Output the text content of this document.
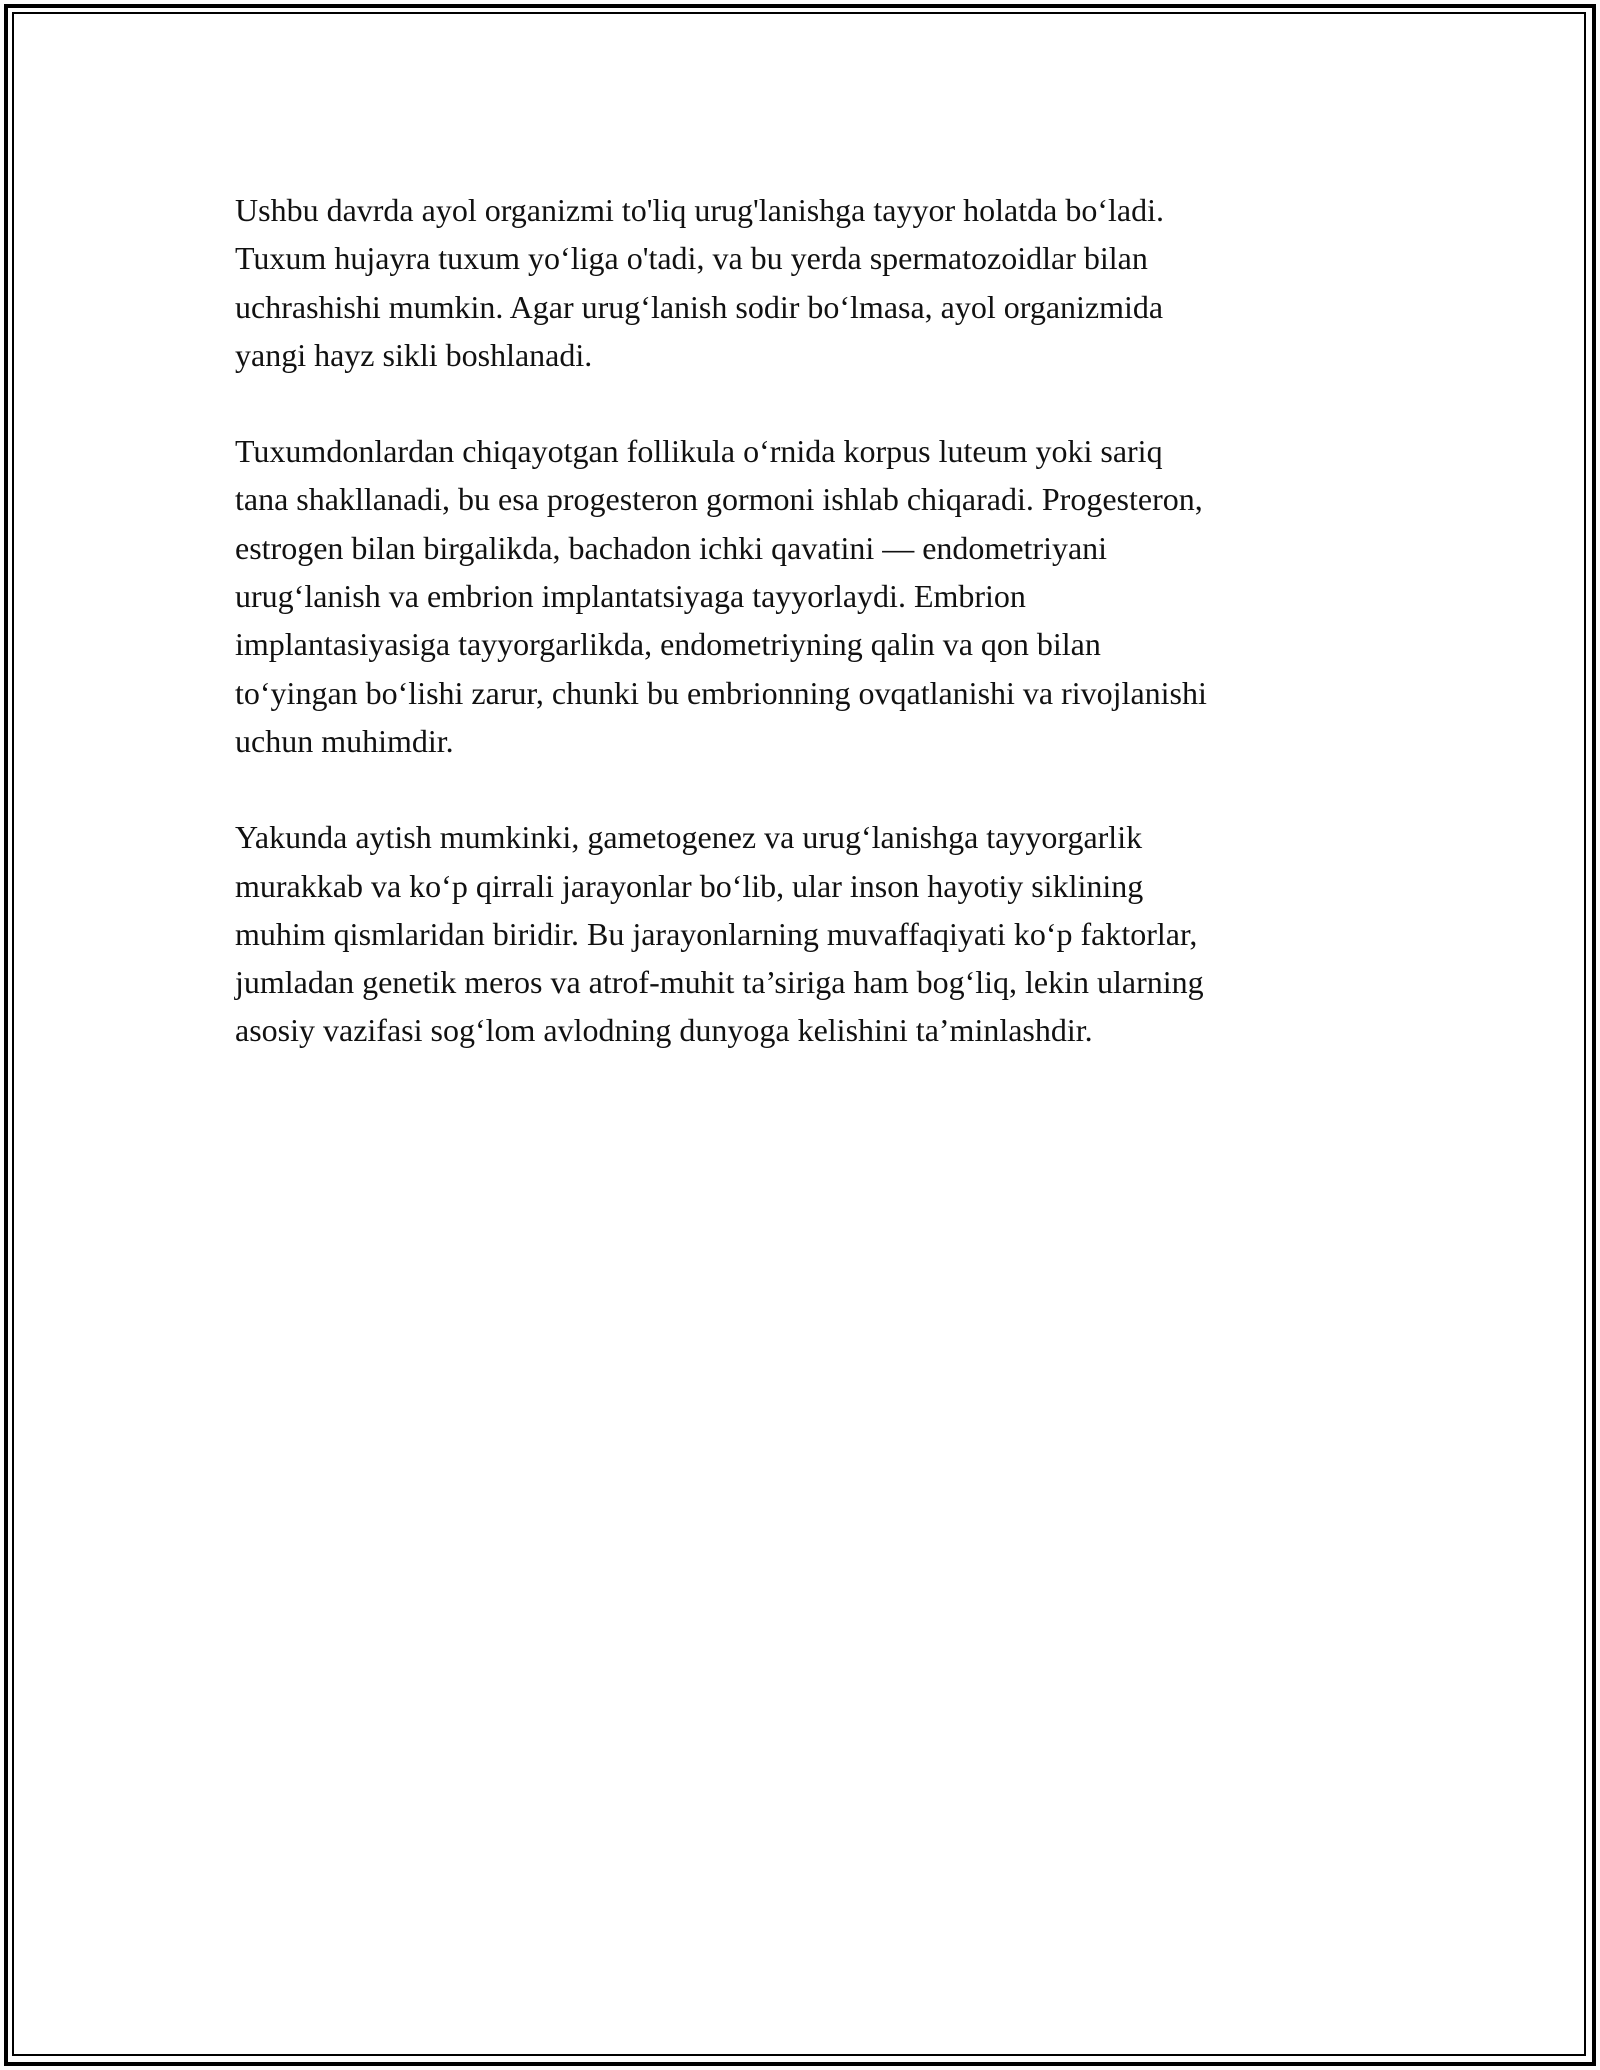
Ushbu davrda ayol organizmi to'liq urug'lanishga tayyor holatda bo‘ladi.
Tuxum hujayra tuxum yo‘liga o'tadi, va bu yerda spermatozoidlar bilan
uchrashishi mumkin. Agar urug‘lanish sodir bo‘lmasa, ayol organizmida
yangi hayz sikli boshlanadi.

Tuxumdonlardan chiqayotgan follikula o‘rnida korpus luteum yoki sariq
tana shakllanadi, bu esa progesteron gormoni ishlab chiqaradi. Progesteron,
estrogen bilan birgalikda, bachadon ichki qavatini — endometriyani
urug‘lanish va embrion implantatsiyaga tayyorlaydi. Embrion
implantasiyasiga tayyorgarlikda, endometriyning qalin va qon bilan
to‘yingan bo‘lishi zarur, chunki bu embrionning ovqatlanishi va rivojlanishi
uchun muhimdir.

Yakunda aytish mumkinki, gametogenez va urug‘lanishga tayyorgarlik
murakkab va ko‘p qirrali jarayonlar bo‘lib, ular inson hayotiy siklining
muhim qismlaridan biridir. Bu jarayonlarning muvaffaqiyati ko‘p faktorlar,
jumladan genetik meros va atrof-muhit ta’siriga ham bog‘liq, lekin ularning
asosiy vazifasi sog‘lom avlodning dunyoga kelishini ta’minlashdir.
